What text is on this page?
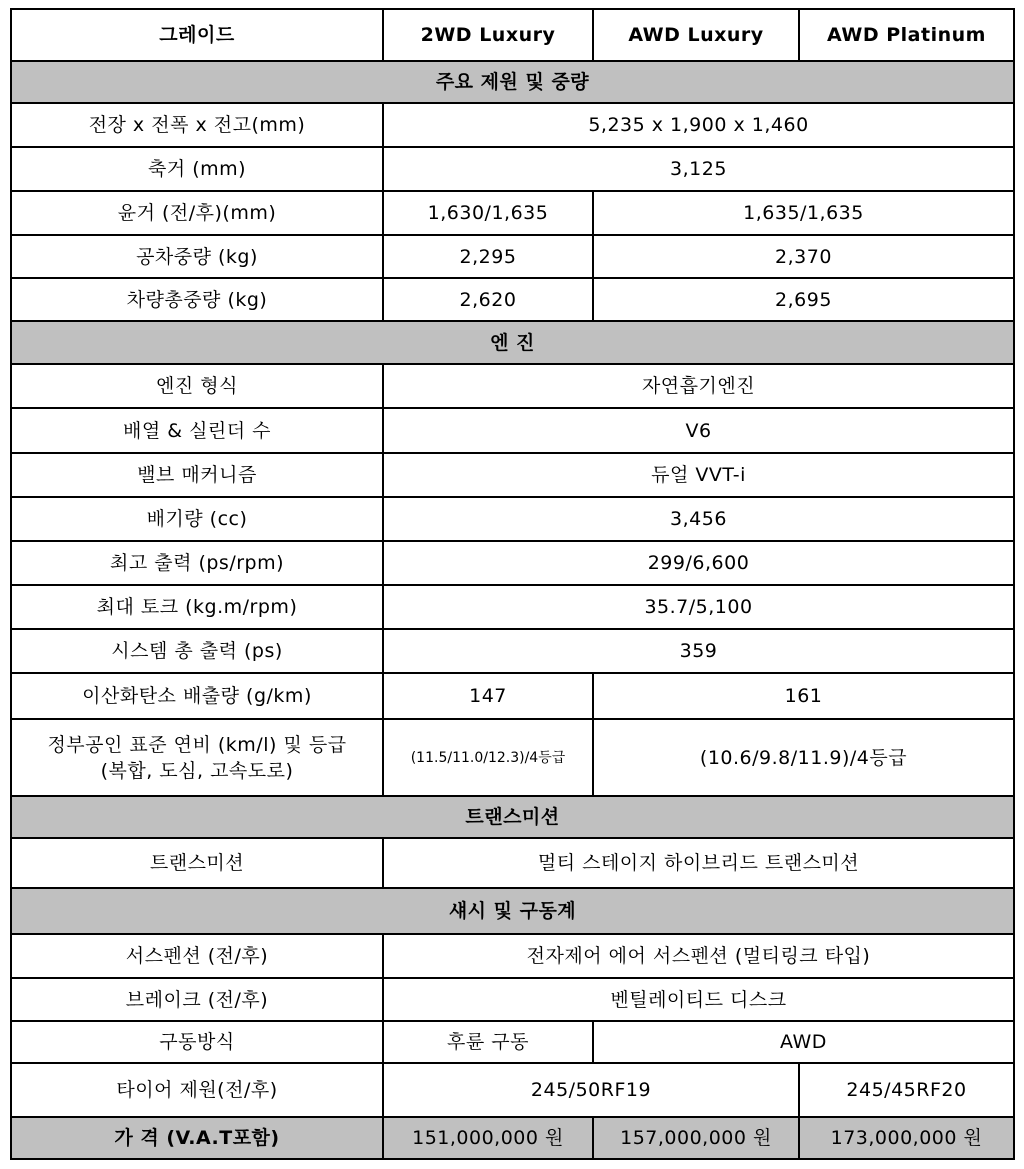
그레이드	2WD Luxury	AWD Luxury	AWD Platinum
주요 제원 및 중량			
전장 x 전폭 x 전고(mm)	5,235 x 1,900 x 1,460		
축거 (mm)	3,125		
윤거 (전/후)(mm)	1,630/1,635	1,635/1,635	
공차중량 (kg)	2,295	2,370	
차량총중량 (kg)	2,620	2,695	
엔 진			
엔진 형식	자연흡기엔진		
배열 & 실린더 수	V6		
밸브 매커니즘	듀얼 VVT-i		
배기량 (cc)	3,456		
최고 출력 (ps/rpm)	299/6,600		
최대 토크 (kg.m/rpm)	35.7/5,100		
시스템 총 출력 (ps)	359		
이산화탄소 배출량 (g/km)	147	161	

정부공인 표준 연비 (km/l) 및 등급
(복합, 도심, 고속도로)	(11.5/11.0/12.3)/4등급	(10.6/9.8/11.9)/4등급	
트랜스미션			
트랜스미션	멀티 스테이지 하이브리드 트랜스미션		
섀시 및 구동계			
서스펜션 (전/후)	전자제어 에어 서스펜션 (멀티링크 타입)		
브레이크 (전/후)	벤틸레이티드 디스크		
구동방식	후륜 구동	AWD	
타이어 제원(전/후)	245/50RF19		245/45RF20
가 격 (V.A.T포함)	151,000,000 원	157,000,000 원	173,000,000 원
